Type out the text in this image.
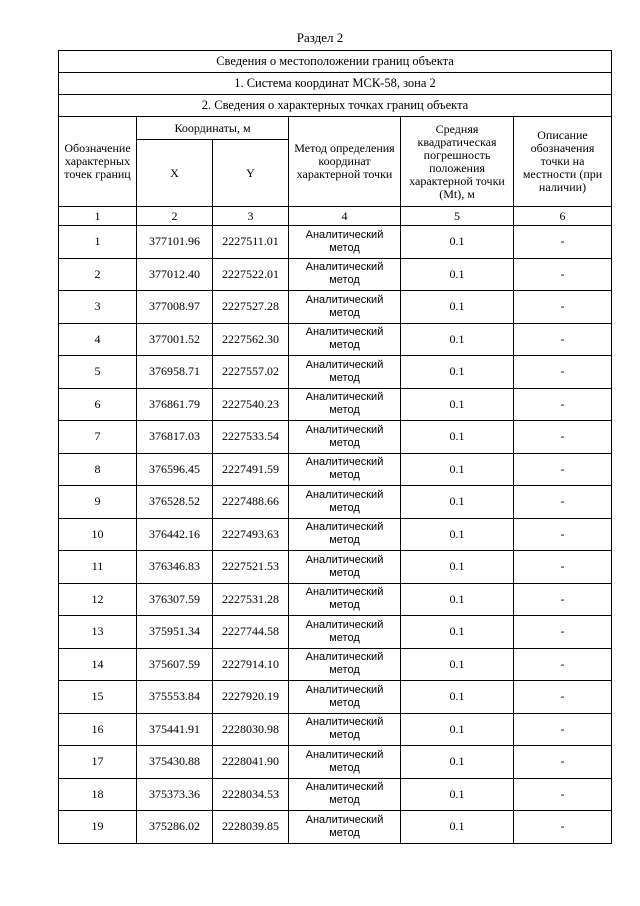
Раздел 2
Сведения о местоположении границ объекта					
1. Система координат МСК-58, зона 2					
2. Сведения о характерных точках границ объекта					
Обозначение характерных точек границ	Координаты, м		Метод определения координат характерной точки	Средняя квадратическая погрешность положения характерной точки (Mt), м	Описание обозначения точки на местности (при наличии)
	X	Y			
1	2	3	4	5	6
1	377101.96	2227511.01	Аналитический метод	0.1	-
2	377012.40	2227522.01	Аналитический метод	0.1	-
3	377008.97	2227527.28	Аналитический метод	0.1	-
4	377001.52	2227562.30	Аналитический метод	0.1	-
5	376958.71	2227557.02	Аналитический метод	0.1	-
6	376861.79	2227540.23	Аналитический метод	0.1	-
7	376817.03	2227533.54	Аналитический метод	0.1	-
8	376596.45	2227491.59	Аналитический метод	0.1	-
9	376528.52	2227488.66	Аналитический метод	0.1	-
10	376442.16	2227493.63	Аналитический метод	0.1	-
11	376346.83	2227521.53	Аналитический метод	0.1	-
12	376307.59	2227531.28	Аналитический метод	0.1	-
13	375951.34	2227744.58	Аналитический метод	0.1	-
14	375607.59	2227914.10	Аналитический метод	0.1	-
15	375553.84	2227920.19	Аналитический метод	0.1	-
16	375441.91	2228030.98	Аналитический метод	0.1	-
17	375430.88	2228041.90	Аналитический метод	0.1	-
18	375373.36	2228034.53	Аналитический метод	0.1	-
19	375286.02	2228039.85	Аналитический метод	0.1	-
